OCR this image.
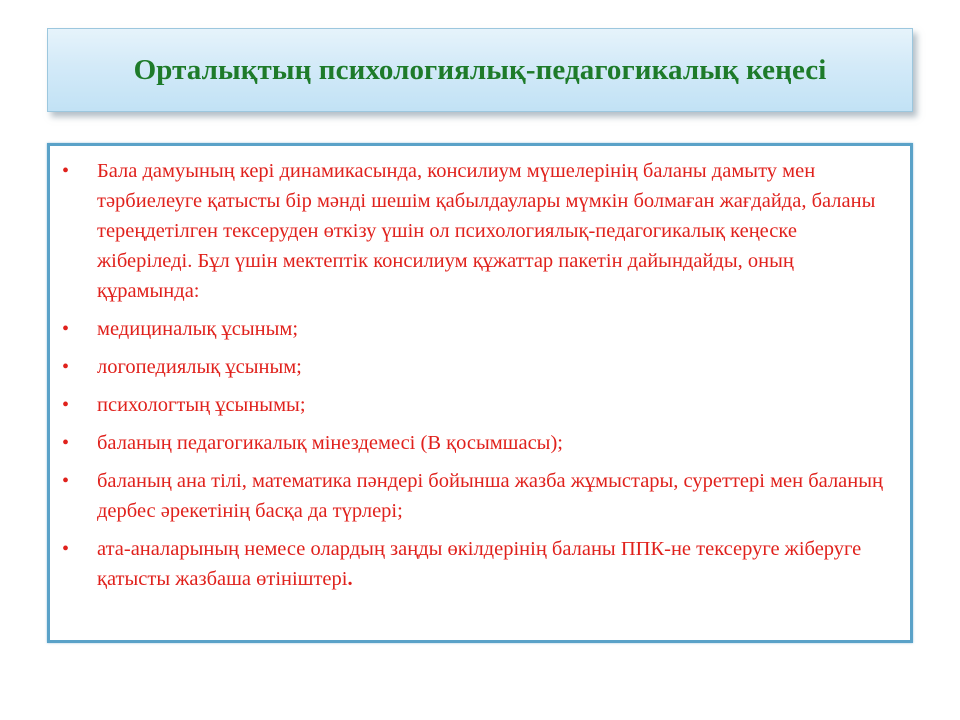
Орталықтың психологиялық-педагогикалық кеңесі
• Бала дамуының кері динамикасында, консилиум мүшелерінің баланы дамыту мен тәрбиелеуге қатысты бір мәнді шешім қабылдаулары мүмкін болмаған жағдайда, баланы тереңдетілген тексеруден өткізу үшін ол психологиялық-педагогикалық кеңеске жіберіледі. Бұл үшін мектептік консилиум құжаттар пакетін дайындайды, оның құрамында:
• медициналық ұсыным;
• логопедиялық ұсыным;
• психологтың ұсынымы;
• баланың педагогикалық мінездемесі (В қосымшасы);
• баланың ана тілі, математика пәндері бойынша жазба жұмыстары, суреттері мен баланың дербес әрекетінің басқа да түрлері;
• ата-аналарының немесе олардың заңды өкілдерінің баланы ППК-не тексеруге жіберуге қатысты жазбаша өтініштері.
